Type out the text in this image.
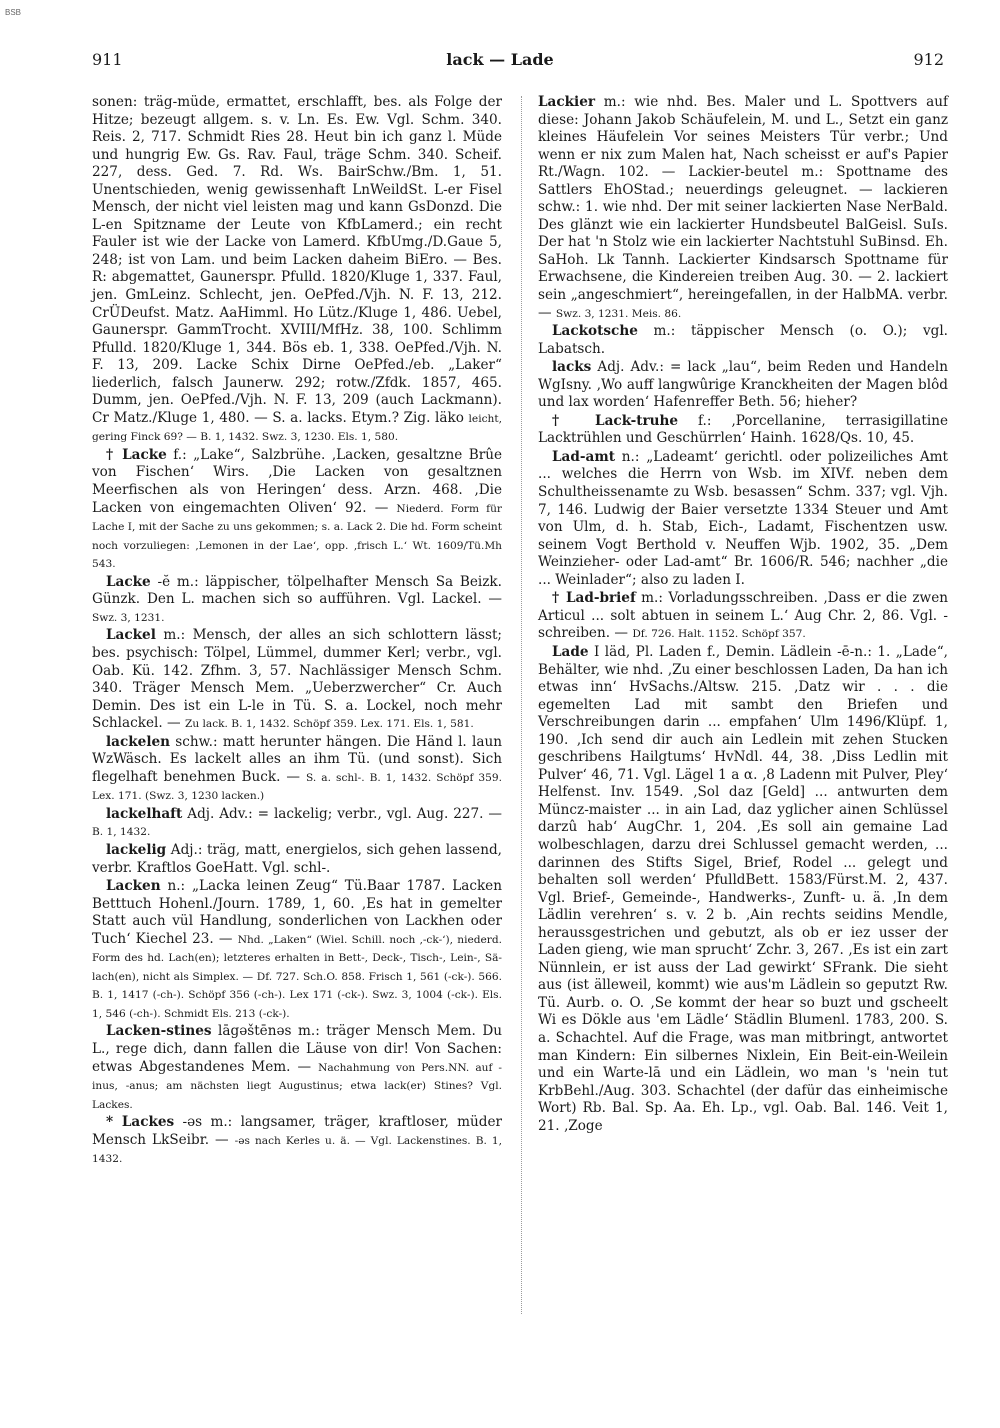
BSB
911	lack — Lade	912

sonen: träg-müde, ermattet, erschlafft, bes. als Folge der Hitze; bezeugt allgem. s. v. Ln. Es. Ew. Vgl. Schm. 340. Reis. 2, 717. Schmidt Ries 28. Heut bin ich ganz l. Müde und hungrig Ew. Gs. Rav. Faul, träge Schm. 340. Scheif. 227, dess. Ged. 7. Rd. Ws. BairSchw./Bm. 1, 51. Unentschieden, wenig gewissenhaft LnWeildSt. L-er Fisel Mensch, der nicht viel leisten mag und kann GsDonzd. Die L-en Spitzname der Leute von KfbLamerd.; ein recht Fauler ist wie der Lacke von Lamerd. KfbUmg./D.Gaue 5, 248; ist von Lam. und beim Lacken daheim BiEro. — Bes. R: abgemattet, Gaunerspr. Pfulld. 1820/Kluge 1, 337. Faul, jen. GmLeinz. Schlecht, jen. OePfed./Vjh. N. F. 13, 212. CrÜDeufst. Matz. AaHimml. Ho Lütz./Kluge 1, 486. Uebel, Gaunerspr. GammTrocht. XVIII/MfHz. 38, 100. Schlimm Pfulld. 1820/Kluge 1, 344. Bös eb. 1, 338. OePfed./Vjh. N. F. 13, 209. Lacke Schix Dirne OePfed./eb. „Laker“ liederlich, falsch Jaunerw. 292; rotw./Zfdk. 1857, 465. Dumm, jen. OePfed./Vjh. N. F. 13, 209 (auch Lackmann). Cr Matz./Kluge 1, 480. — S. a. lacks. Etym.? Zig. läko leicht, gering Finck 69? — B. 1, 1432. Swz. 3, 1230. Els. 1, 580.

† Lacke f.: „Lake“, Salzbrühe. ‚Lacken, gesaltzne Brûe von Fischen‘ Wirs. ‚Die Lacken von gesaltznen Meerfischen als von Heringen‘ dess. Arzn. 468. ‚Die Lacken von eingemachten Oliven‘ 92. — Niederd. Form für Lache I, mit der Sache zu uns gekommen; s. a. Lack 2. Die hd. Form scheint noch vorzuliegen: ‚Lemonen in der Lae‘, opp. ‚frisch L.‘ Wt. 1609/Tü.Mh 543.

Lacke -ĕ m.: läppischer, tölpelhafter Mensch Sa Beizk. Günzk. Den L. machen sich so aufführen. Vgl. Lackel. — Swz. 3, 1231.

Lackel m.: Mensch, der alles an sich schlottern lässt; bes. psychisch: Tölpel, Lümmel, dummer Kerl; verbr., vgl. Oab. Kü. 142. Zfhm. 3, 57. Nachlässiger Mensch Schm. 340. Träger Mensch Mem. „Ueberzwercher“ Cr. Auch Demin. Des ist ein L-le in Tü. S. a. Lockel, noch mehr Schlackel. — Zu lack. B. 1, 1432. Schöpf 359. Lex. 171. Els. 1, 581.

lackelen schw.: matt herunter hängen. Die Händ l. laun WzWäsch. Es lackelt alles an ihm Tü. (und sonst). Sich flegelhaft benehmen Buck. — S. a. schl-. B. 1, 1432. Schöpf 359. Lex. 171. (Swz. 3, 1230 lacken.)

lackelhaft Adj. Adv.: = lackelig; verbr., vgl. Aug. 227. — B. 1, 1432.

lackelig Adj.: träg, matt, energielos, sich gehen lassend, verbr. Kraftlos GoeHatt. Vgl. schl-.

Lacken n.: „Lacka leinen Zeug“ Tü.Baar 1787. Lacken Betttuch Hohenl./Journ. 1789, 1, 60. ‚Es hat in gemelter Statt auch vül Handlung, sonderlichen von Lackhen oder Tuch‘ Kiechel 23. — Nhd. „Laken“ (Wiel. Schill. noch ‚-ck-‘), niederd. Form des hd. Lach(en); letzteres erhalten in Bett-, Deck-, Tisch-, Lein-, Sä-lach(en), nicht als Simplex. — Df. 727. Sch.O. 858. Frisch 1, 561 (-ck-). 566. B. 1, 1417 (-ch-). Schöpf 356 (-ch-). Lex 171 (-ck-). Swz. 3, 1004 (-ck-). Els. 1, 546 (-ch-). Schmidt Els. 213 (-ck-).

Lacken-stines lāgəštēnəs m.: träger Mensch Mem. Du L., rege dich, dann fallen die Läuse von dir! Von Sachen: etwas Abgestandenes Mem. — Nachahmung von Pers.NN. auf -inus, -anus; am nächsten liegt Augustinus; etwa lack(er) Stines? Vgl. Lackes.

* Lackes -əs m.: langsamer, träger, kraftloser, müder Mensch LkSeibr. — -əs nach Kerles u. ä. — Vgl. Lackenstines. B. 1, 1432.

Lackier m.: wie nhd. Bes. Maler und L. Spottvers auf diese: Johann Jakob Schäufelein, M. und L., Setzt ein ganz kleines Häufelein Vor seines Meisters Tür verbr.; Und wenn er nix zum Malen hat, Nach scheisst er auf's Papier Rt./Wagn. 102. — Lackier-beutel m.: Spottname des Sattlers EhOStad.; neuerdings geleugnet. — lackieren schw.: 1. wie nhd. Der mit seiner lackierten Nase NerBald. Des glänzt wie ein lackierter Hundsbeutel BalGeisl. SuIs. Der hat 'n Stolz wie ein lackierter Nachtstuhl SuBinsd. Eh. SaHoh. Lk Tannh. Lackierter Kindsarsch Spottname für Erwachsene, die Kindereien treiben Aug. 30. — 2. lackiert sein „angeschmiert“, hereingefallen, in der HalbMA. verbr. — Swz. 3, 1231. Meis. 86.

Lackotsche m.: täppischer Mensch (o. O.); vgl. Labatsch.

lacks Adj. Adv.: = lack „lau“, beim Reden und Handeln WgIsny. ‚Wo auff langwûrige Kranckheiten der Magen blôd und lax worden‘ Hafenreffer Beth. 56; hieher?

† Lack-truhe f.: ‚Porcellanine, terrasigillatine Lacktrühlen und Geschürrlen‘ Hainh. 1628/Qs. 10, 45.

Lad-amt n.: „Ladeamt‘ gerichtl. oder polizeiliches Amt ... welches die Herrn von Wsb. im XIVf. neben dem Schultheissenamte zu Wsb. besassen“ Schm. 337; vgl. Vjh. 7, 146. Ludwig der Baier versetzte 1334 Steuer und Amt von Ulm, d. h. Stab, Eich-, Ladamt, Fischentzen usw. seinem Vogt Berthold v. Neuffen Wjb. 1902, 35. „Dem Weinzieher- oder Lad-amt“ Br. 1606/R. 546; nachher „die ... Weinlader“; also zu laden I.

† Lad-brief m.: Vorladungsschreiben. ‚Dass er die zwen Articul ... solt abtuen in seinem L.‘ Aug Chr. 2, 86. Vgl. -schreiben. — Df. 726. Halt. 1152. Schöpf 357.

Lade I läd, Pl. Laden f., Demin. Lädlein -ē-n.: 1. „Lade“, Behälter, wie nhd. ‚Zu einer beschlossen Laden, Da han ich etwas inn‘ HvSachs./Altsw. 215. ‚Datz wir . . . die egemelten Lad mit sambt den Briefen und Verschreibungen darin ... empfahen‘ Ulm 1496/Klüpf. 1, 190. ‚Ich send dir auch ain Ledlein mit zehen Stucken geschribens Hailgtums‘ HvNdl. 44, 38. ‚Diss Ledlin mit Pulver‘ 46, 71. Vgl. Lägel 1 a α. ‚8 Ladenn mit Pulver, Pley‘ Helfenst. Inv. 1549. ‚Sol daz [Geld] ... antwurten dem Müncz-maister ... in ain Lad, daz yglicher ainen Schlüssel darzû hab‘ AugChr. 1, 204. ‚Es soll ain gemaine Lad wolbeschlagen, darzu drei Schlussel gemacht werden, ... darinnen des Stifts Sigel, Brief, Rodel ... gelegt und behalten soll werden‘ PfulldBett. 1583/Fürst.M. 2, 437. Vgl. Brief-, Gemeinde-, Handwerks-, Zunft- u. ä. ‚In dem Lädlin verehren‘ s. v. 2 b. ‚Ain rechts seidins Mendle, heraussgestrichen und gebutzt, als ob er iez usser der Laden gieng, wie man sprucht‘ Zchr. 3, 267. ‚Es ist ein zart Nünnlein, er ist auss der Lad gewirkt‘ SFrank. Die sieht aus (ist älleweil, kommt) wie aus'm Lädlein so geputzt Rw. Tü. Aurb. o. O. ‚Se kommt der hear so buzt und gscheelt Wi es Dökle aus 'em Lädle‘ Städlin Blumenl. 1783, 200. S. a. Schachtel. Auf die Frage, was man mitbringt, antwortet man Kindern: Ein silbernes Nixlein, Ein Beit-ein-Weilein und ein Warte-lā und ein Lädlein, wo man 's 'nein tut KrbBehl./Aug. 303. Schachtel (der dafür das einheimische Wort) Rb. Bal. Sp. Aa. Eh. Lp., vgl. Oab. Bal. 146. Veit 1, 21. ‚Zoge
